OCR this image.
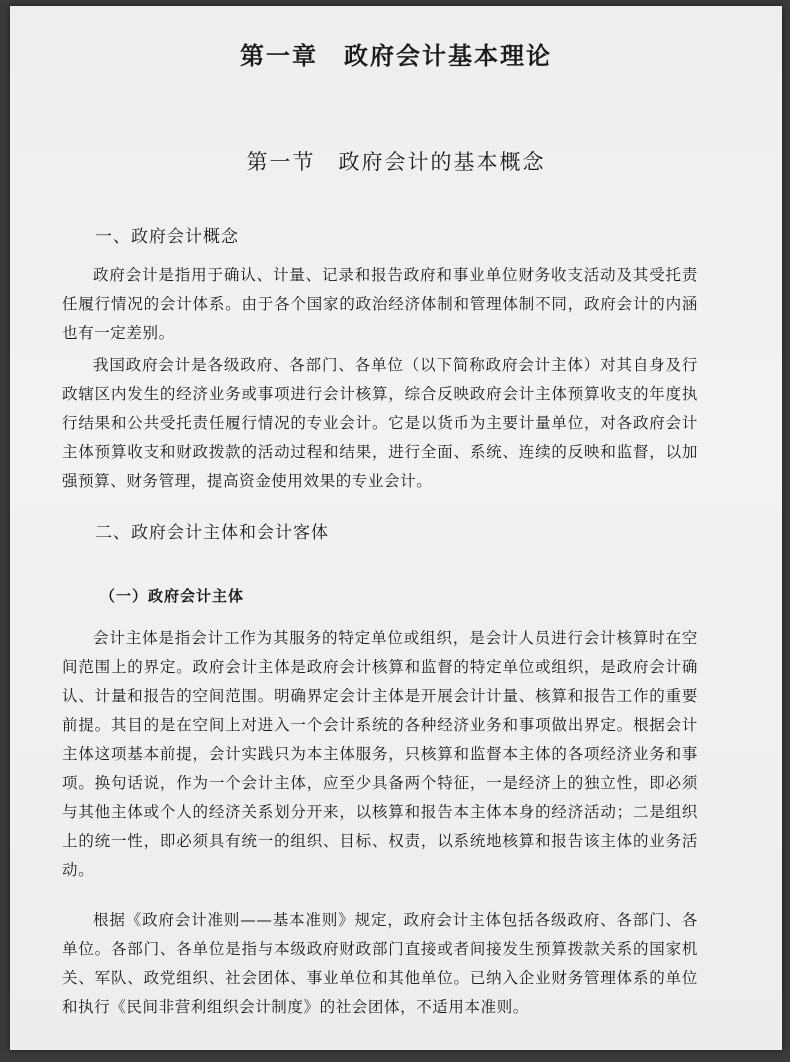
第一章　政府会计基本理论
第一节　政府会计的基本概念
一、政府会计概念

政府会计是指用于确认、计量、记录和报告政府和事业单位财务收支活动及其受托责任履行情况的会计体系。由于各个国家的政治经济体制和管理体制不同，政府会计的内涵也有一定差别。

我国政府会计是各级政府、各部门、各单位（以下简称政府会计主体）对其自身及行政辖区内发生的经济业务或事项进行会计核算，综合反映政府会计主体预算收支的年度执行结果和公共受托责任履行情况的专业会计。它是以货币为主要计量单位，对各政府会计主体预算收支和财政拨款的活动过程和结果，进行全面、系统、连续的反映和监督，以加强预算、财务管理，提高资金使用效果的专业会计。

二、政府会计主体和会计客体
（一）政府会计主体

会计主体是指会计工作为其服务的特定单位或组织，是会计人员进行会计核算时在空间范围上的界定。政府会计主体是政府会计核算和监督的特定单位或组织，是政府会计确认、计量和报告的空间范围。明确界定会计主体是开展会计计量、核算和报告工作的重要前提。其目的是在空间上对进入一个会计系统的各种经济业务和事项做出界定。根据会计主体这项基本前提，会计实践只为本主体服务，只核算和监督本主体的各项经济业务和事项。换句话说，作为一个会计主体，应至少具备两个特征，一是经济上的独立性，即必须与其他主体或个人的经济关系划分开来，以核算和报告本主体本身的经济活动；二是组织上的统一性，即必须具有统一的组织、目标、权责，以系统地核算和报告该主体的业务活动。

根据《政府会计准则——基本准则》规定，政府会计主体包括各级政府、各部门、各单位。各部门、各单位是指与本级政府财政部门直接或者间接发生预算拨款关系的国家机关、军队、政党组织、社会团体、事业单位和其他单位。已纳入企业财务管理体系的单位和执行《民间非营利组织会计制度》的社会团体，不适用本准则。
